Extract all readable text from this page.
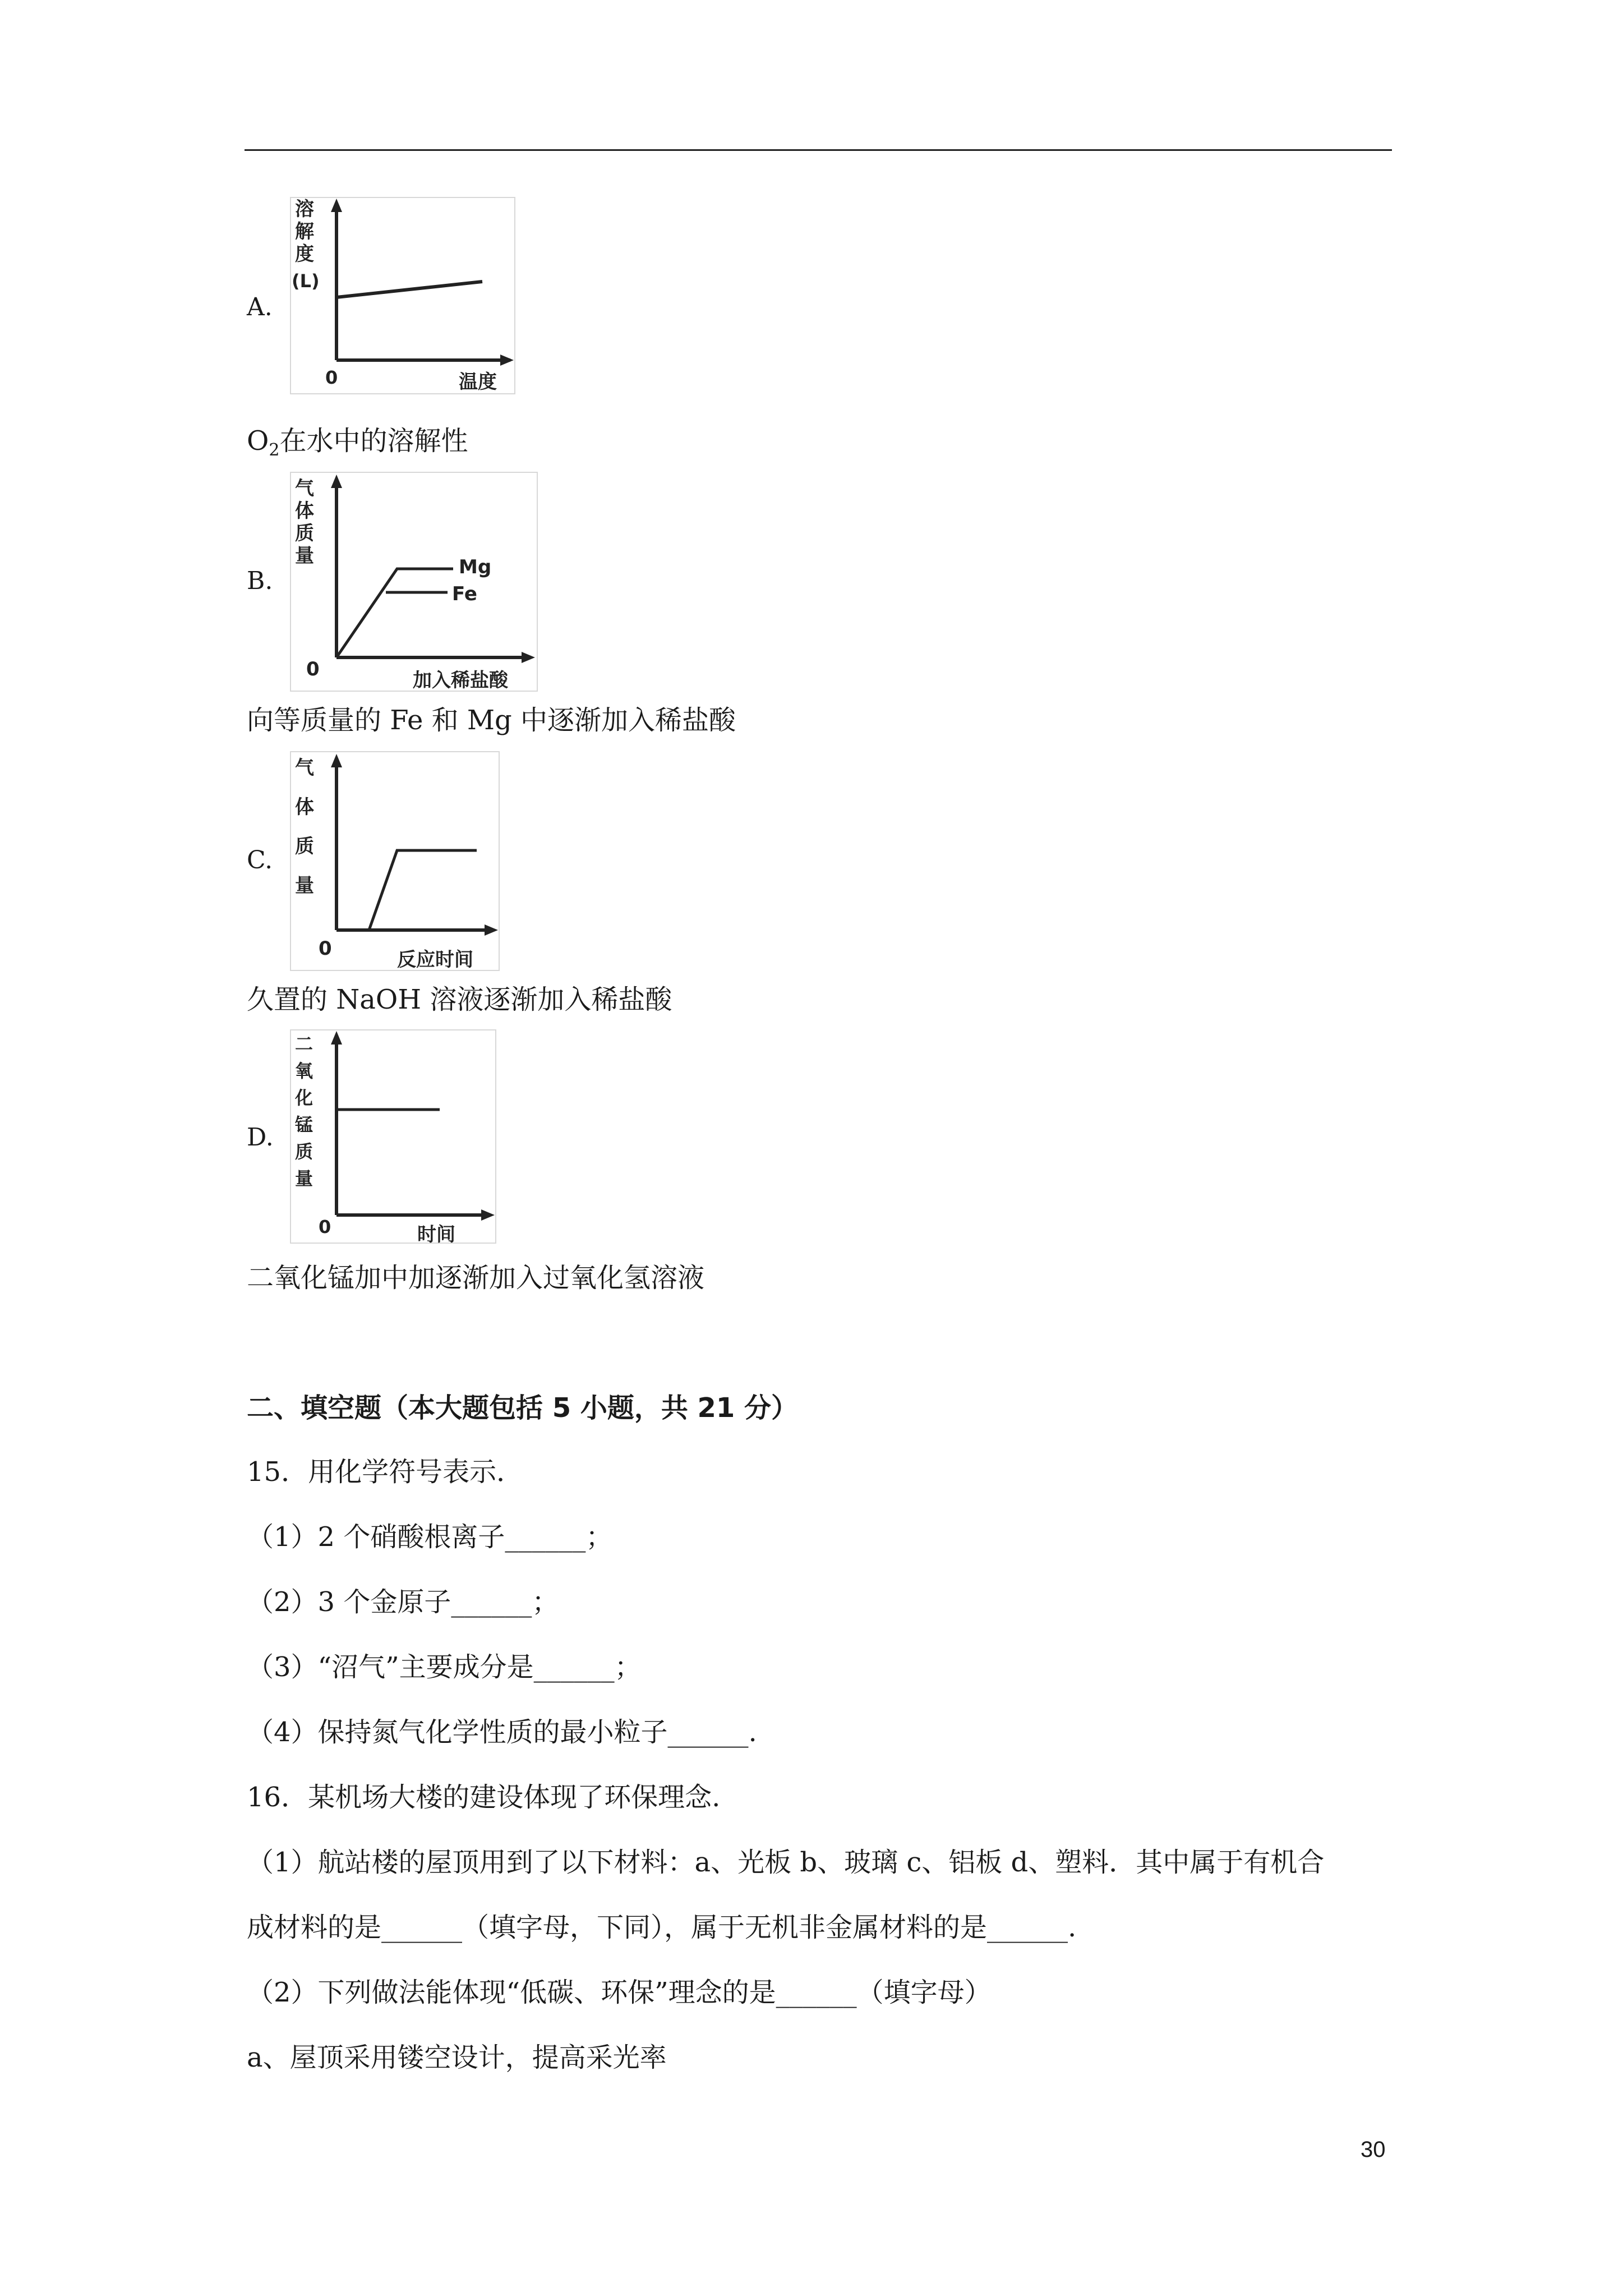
A.
溶
解
度
(L)
0	温度
$O_2$在水中的溶解性
B.	Mg
Fe
气
体
质
量
0	加入稀盐酸
向等质量的 Fe 和 Mg 中逐渐加入稀盐酸
C.
气
体
质
量
0	反应时间
久置的 NaOH 溶液逐渐加入稀盐酸
D.
二
氧
化
锰
质
量
0	时间
二氧化锰加中加逐渐加入过氧化氢溶液
二、填空题（本大题包括 5 小题，共 21 分）
15．用化学符号表示．
（1）2 个硝酸根离子______；
（2）3 个金原子______；
（3）“沼气”主要成分是______；
（4）保持氮气化学性质的最小粒子______.
16．某机场大楼的建设体现了环保理念.
（1）航站楼的屋顶用到了以下材料：a、光板 b、玻璃 c、铝板 d、塑料．其中属于有机合
成材料的是______（填字母，下同），属于无机非金属材料的是______.
（2）下列做法能体现“低碳、环保”理念的是______（填字母）
a、屋顶采用镂空设计，提高采光率
30
